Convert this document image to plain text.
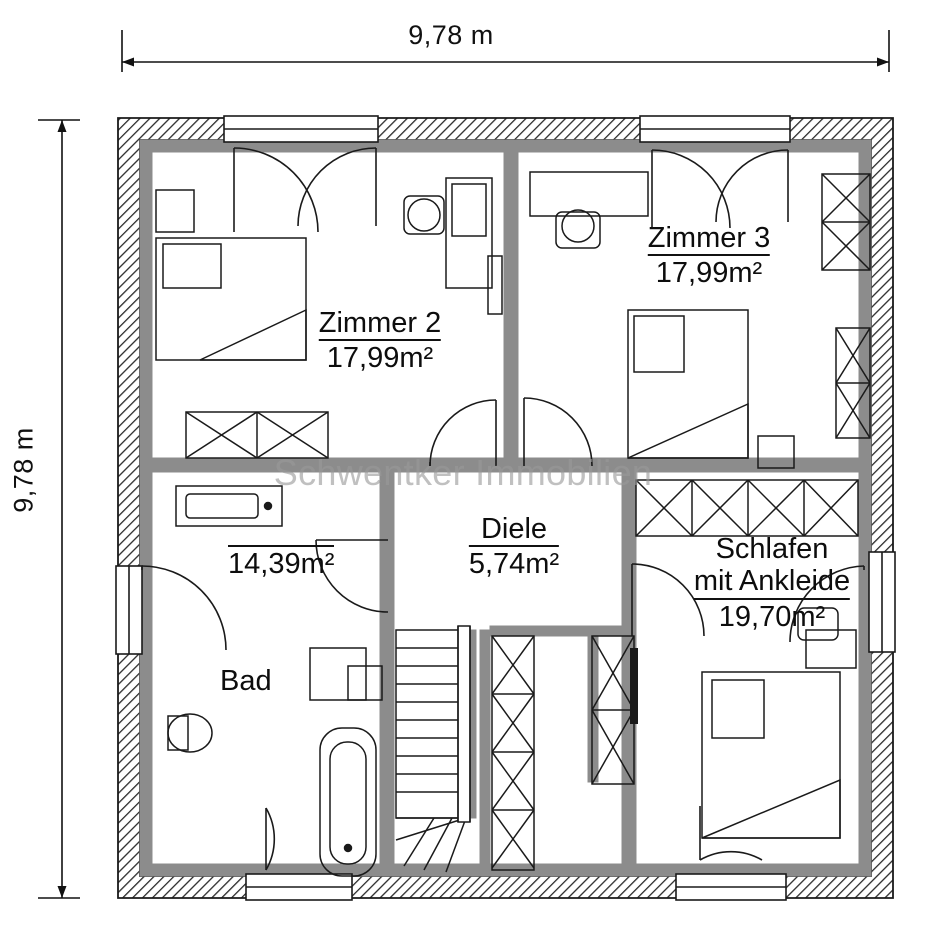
9,78 m
9,78 m
Zimmer 2
17,99m²
Zimmer 3
17,99m²
Diele
5,74m²	Schlafen
mit Ankleide
19,70m²
Bad
14,39m²
Schwentker Immobilien
